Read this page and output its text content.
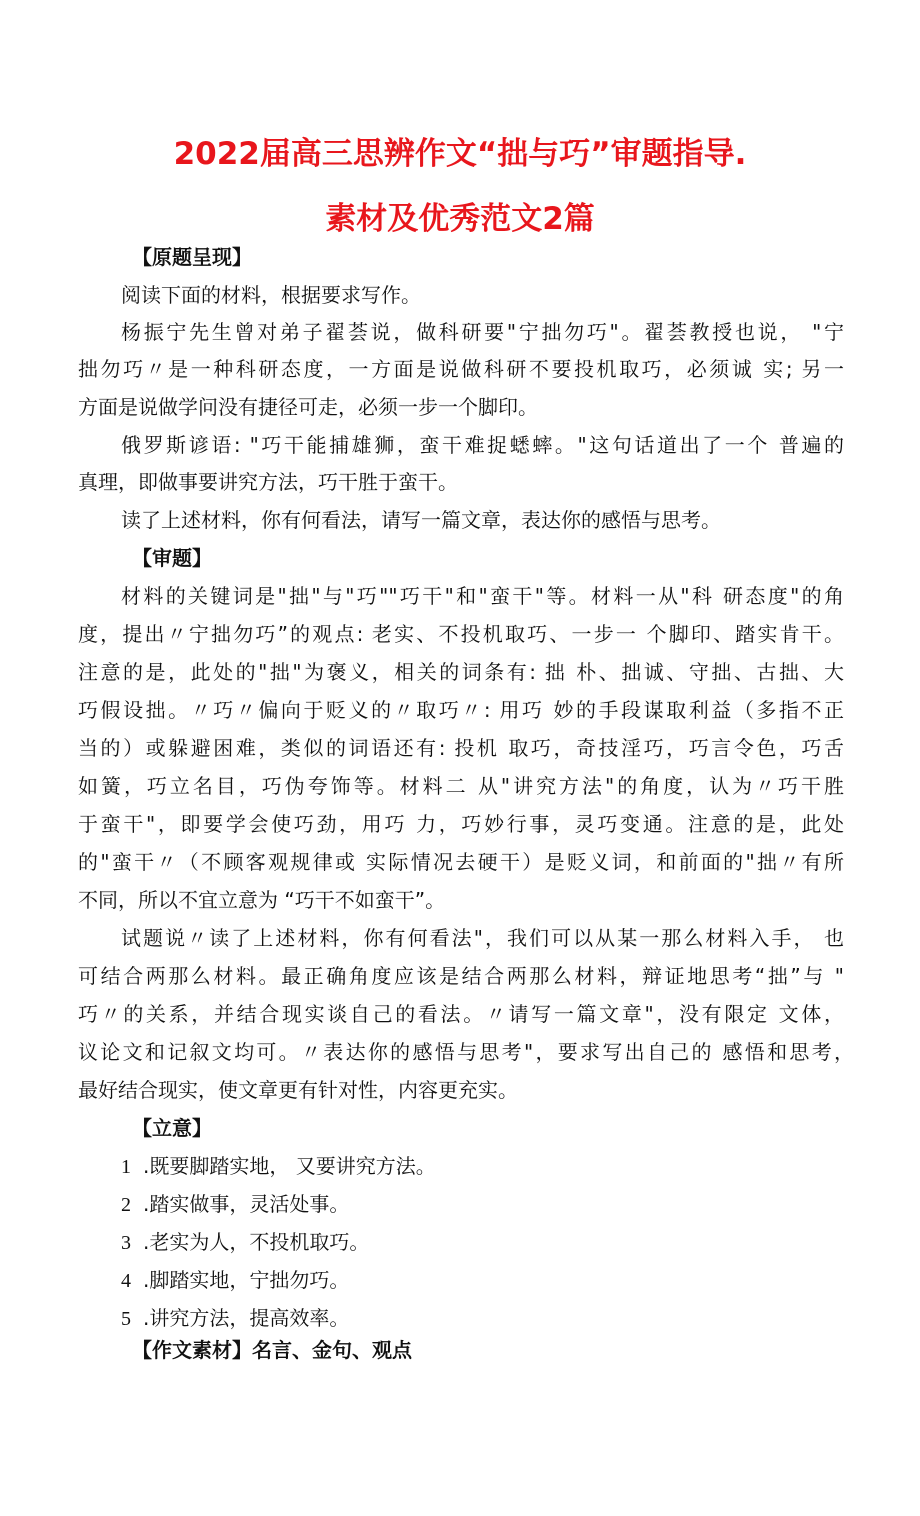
2022届高三思辨作文“拙与巧”审题指导.
素材及优秀范文2篇
【原题呈现】
阅读下面的材料，根据要求写作。
杨振宁先生曾对弟子翟荟说，做科研要"宁拙勿巧"。翟荟教授也说， "宁
拙勿巧〃是一种科研态度，一方面是说做科研不要投机取巧，必须诚 实; 另一
方面是说做学问没有捷径可走，必须一步一个脚印。
俄罗斯谚语: "巧干能捕雄狮，蛮干难捉蟋蟀。"这句话道出了一个 普遍的
真理，即做事要讲究方法，巧干胜于蛮干。
读了上述材料，你有何看法，请写一篇文章，表达你的感悟与思考。
【审题】
材料的关键词是"拙"与"巧""巧干"和"蛮干"等。材料一从"科 研态度"的角
度，提出〃宁拙勿巧”的观点: 老实、不投机取巧、一步一 个脚印、踏实肯干。
注意的是，此处的"拙"为褒义，相关的词条有: 拙 朴、拙诚、守拙、古拙、大
巧假设拙。〃巧〃偏向于贬义的〃取巧〃: 用巧 妙的手段谋取利益（多指不正
当的）或躲避困难，类似的词语还有: 投机 取巧，奇技淫巧，巧言令色，巧舌
如簧，巧立名目，巧伪夸饰等。材料二 从"讲究方法"的角度，认为〃巧干胜
于蛮干"，即要学会使巧劲，用巧 力，巧妙行事，灵巧变通。注意的是，此处
的"蛮干〃（不顾客观规律或 实际情况去硬干）是贬义词，和前面的"拙〃有所
不同，所以不宜立意为 “巧干不如蛮干”。
试题说〃读了上述材料，你有何看法"，我们可以从某一那么材料入手， 也
可结合两那么材料。最正确角度应该是结合两那么材料，辩证地思考“拙”与 "
巧〃的关系，并结合现实谈自己的看法。〃请写一篇文章"，没有限定 文体，
议论文和记叙文均可。〃表达你的感悟与思考"，要求写出自己的 感悟和思考，
最好结合现实，使文章更有针对性，内容更充实。
【立意】
1 .既要脚踏实地， 又要讲究方法。
2 .踏实做事，灵活处事。
3 .老实为人，不投机取巧。
4 .脚踏实地，宁拙勿巧。
5 .讲究方法，提高效率。
【作文素材】名言、金句、观点
